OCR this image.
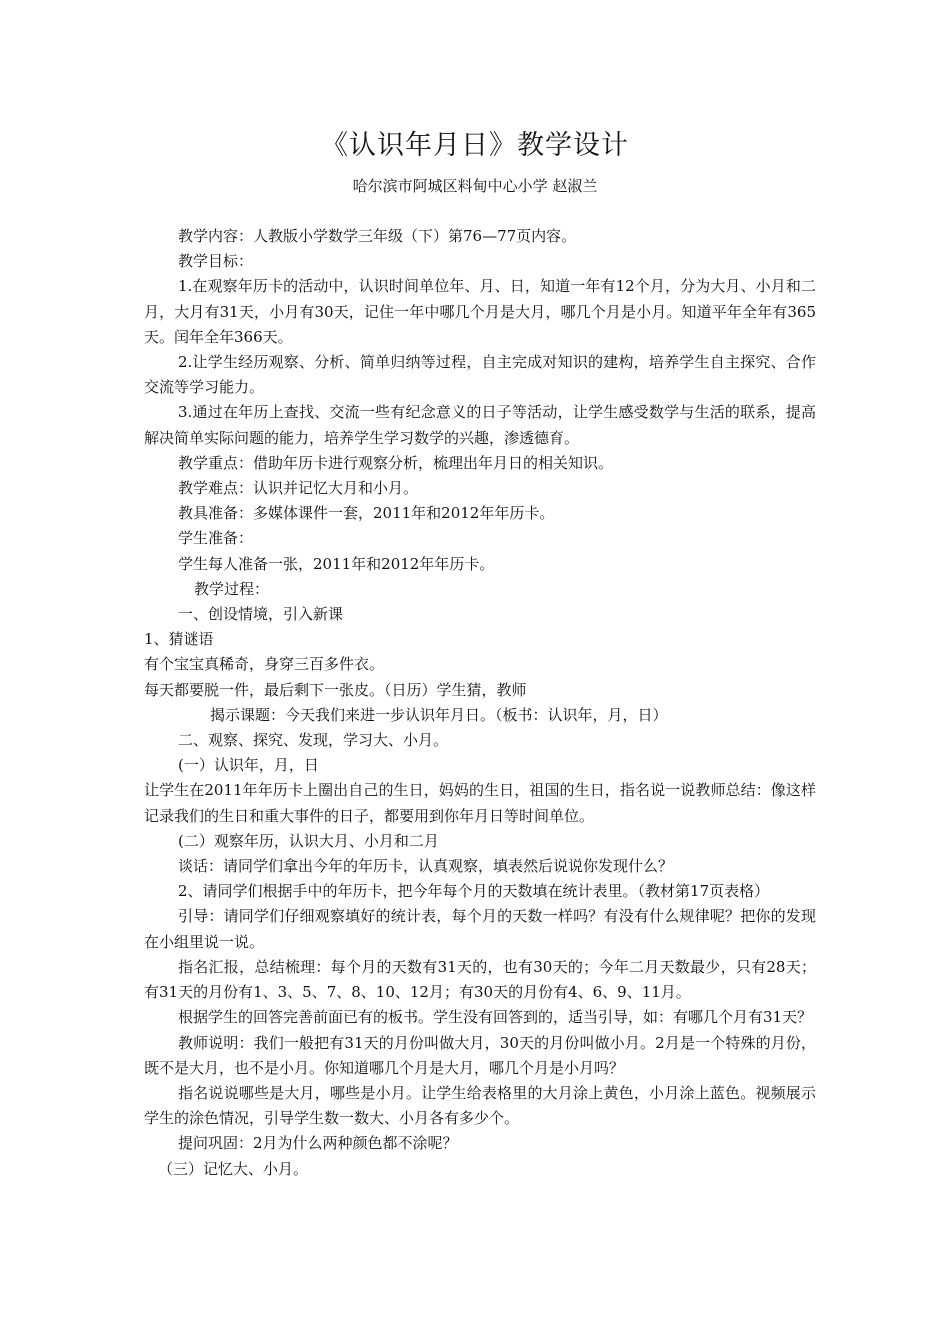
《认识年月日》教学设计
哈尔滨市阿城区料甸中心小学 赵淑兰

教学内容：人教版小学数学三年级（下）第76—77页内容。

教学目标：

1.在观察年历卡的活动中，认识时间单位年、月、日，知道一年有12个月，分为大月、小月和二月，大月有31天，小月有30天，记住一年中哪几个月是大月，哪几个月是小月。知道平年全年有365天。闰年全年366天。

2.让学生经历观察、分析、简单归纳等过程，自主完成对知识的建构，培养学生自主探究、合作交流等学习能力。

3.通过在年历上查找、交流一些有纪念意义的日子等活动，让学生感受数学与生活的联系，提高解决简单实际问题的能力，培养学生学习数学的兴趣，渗透德育。

教学重点：借助年历卡进行观察分析，梳理出年月日的相关知识。

教学难点：认识并记忆大月和小月。

教具准备：多媒体课件一套，2011年和2012年年历卡。

学生准备：

学生每人准备一张，2011年和2012年年历卡。

教学过程：

一、创设情境，引入新课

1、猜谜语

有个宝宝真稀奇，身穿三百多件衣。

每天都要脱一件，最后剩下一张皮。（日历）学生猜，教师

揭示课题：今天我们来进一步认识年月日。（板书：认识年，月，日）

二、观察、探究、发现，学习大、小月。

(一）认识年，月，日

让学生在2011年年历卡上圈出自己的生日，妈妈的生日，祖国的生日，指名说一说教师总结：像这样记录我们的生日和重大事件的日子，都要用到你年月日等时间单位。

(二）观察年历，认识大月、小月和二月

谈话：请同学们拿出今年的年历卡，认真观察，填表然后说说你发现什么？

2、请同学们根据手中的年历卡，把今年每个月的天数填在统计表里。（教材第17页表格）

引导：请同学们仔细观察填好的统计表，每个月的天数一样吗？有没有什么规律呢？把你的发现在小组里说一说。

指名汇报，总结梳理：每个月的天数有31天的，也有30天的；今年二月天数最少，只有28天；有31天的月份有1、3、5、7、8、10、12月；有30天的月份有4、6、9、11月。

根据学生的回答完善前面已有的板书。学生没有回答到的，适当引导，如：有哪几个月有31天？

教师说明：我们一般把有31天的月份叫做大月，30天的月份叫做小月。2月是一个特殊的月份，既不是大月，也不是小月。你知道哪几个月是大月，哪几个月是小月吗？

指名说说哪些是大月，哪些是小月。让学生给表格里的大月涂上黄色，小月涂上蓝色。视频展示学生的涂色情况，引导学生数一数大、小月各有多少个。

提问巩固：2月为什么两种颜色都不涂呢？

（三）记忆大、小月。
